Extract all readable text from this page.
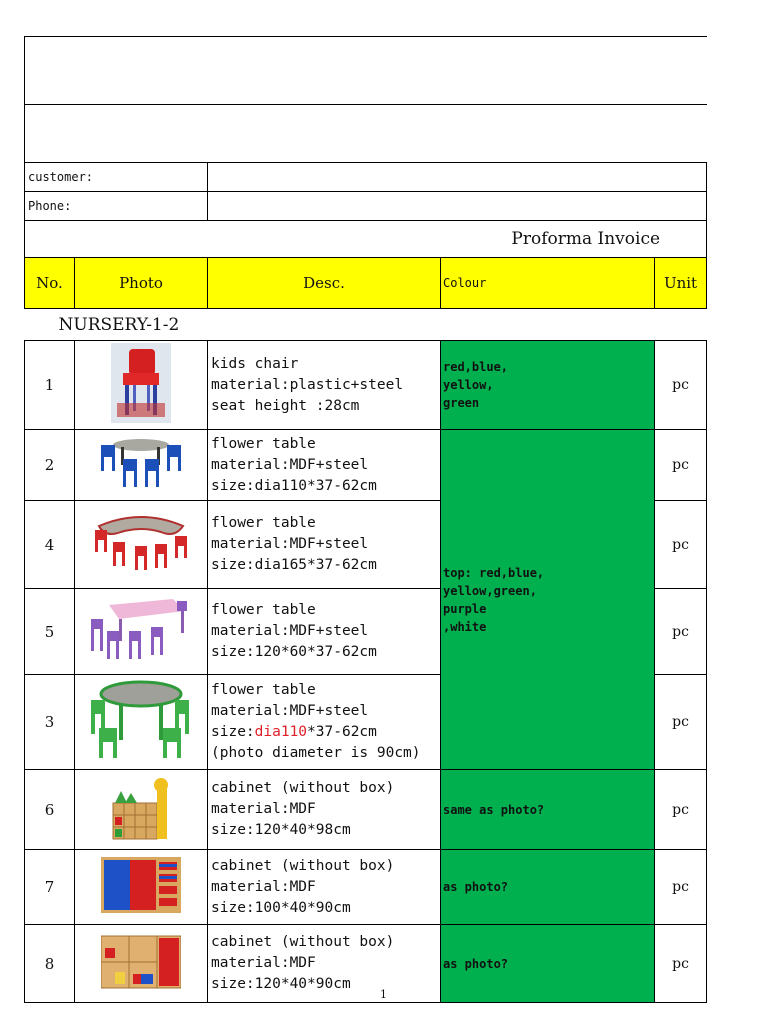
customer:				
Phone:				
Proforma Invoice				
No.	Photo	Desc.	Colour	Unit
NURSERY-1-2				
1		kids chair
material:plastic+steel
seat height :28cm	red,blue,
yellow,
green	pc
2		flower table
material:MDF+steel
size:dia110*37-62cm	top: red,blue,
yellow,green,
purple
,white	pc
4		flower table
material:MDF+steel
size:dia165*37-62cm		pc
5		flower table
material:MDF+steel
size:120*60*37-62cm		pc
3		flower table
material:MDF+steel
size:dia110*37-62cm
(photo diameter is 90cm)		pc
6		cabinet (without box)
material:MDF
size:120*40*98cm	same as photo?	pc
7		cabinet (without box)
material:MDF
size:100*40*90cm	as photo?	pc
8		cabinet (without box)
material:MDF
size:120*40*90cm	as photo?	pc
1
